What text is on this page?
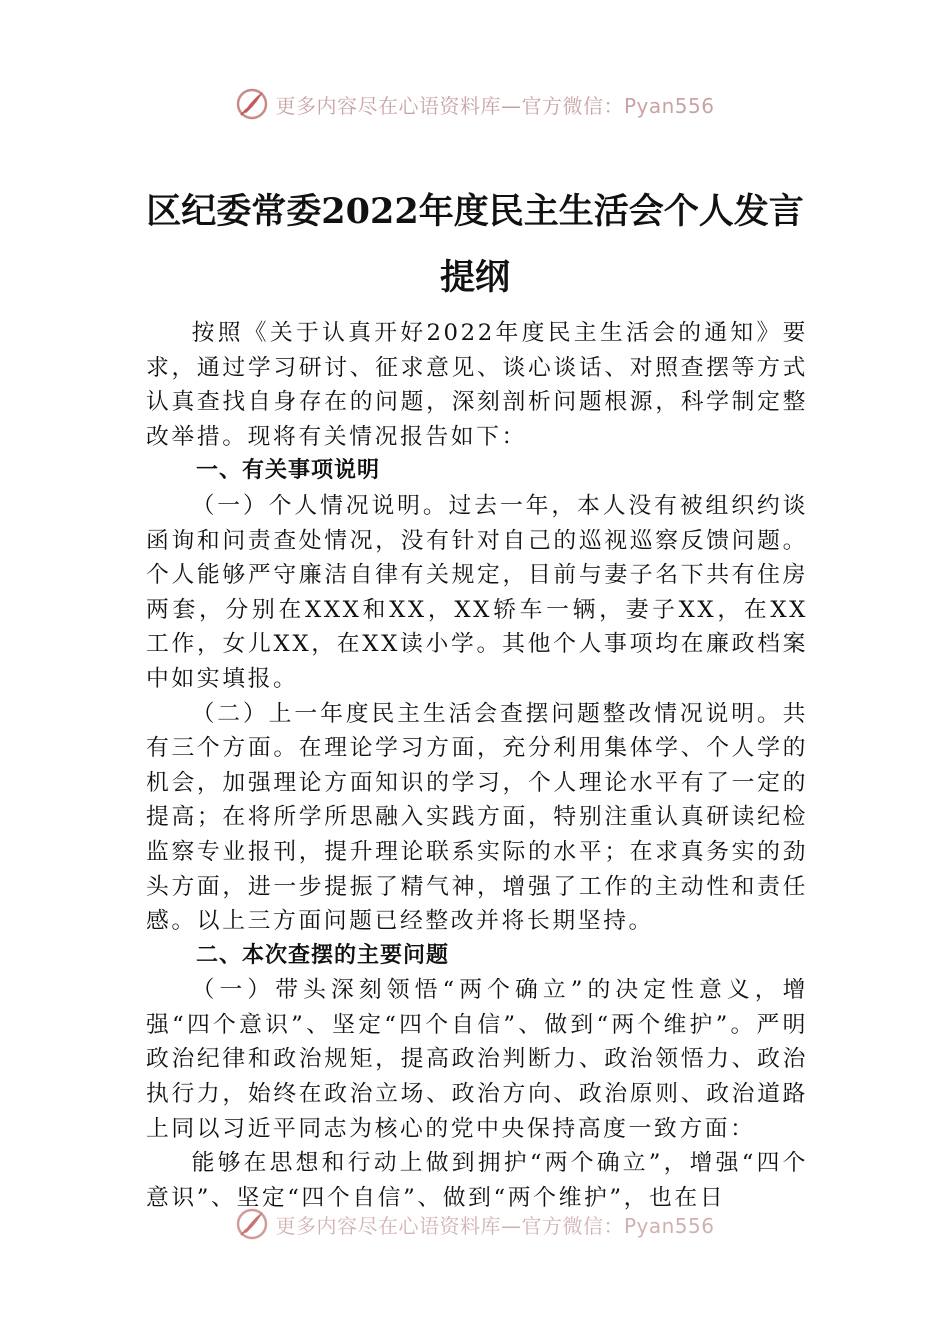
更多内容尽在心语资料库—官方微信：Pyan556
区纪委常委2022年度民主生活会个人发言
提纲

按照《关于认真开好2022年度民主生活会的通知》要求，通过学习研讨、征求意见、谈心谈话、对照查摆等方式认真查找自身存在的问题，深刻剖析问题根源，科学制定整改举措。现将有关情况报告如下：

一、有关事项说明

（一）个人情况说明。过去一年，本人没有被组织约谈函询和问责查处情况，没有针对自己的巡视巡察反馈问题。个人能够严守廉洁自律有关规定，目前与妻子名下共有住房两套，分别在XXX和XX，XX轿车一辆，妻子XX，在XX工作，女儿XX，在XX读小学。其他个人事项均在廉政档案中如实填报。

（二）上一年度民主生活会查摆问题整改情况说明。共有三个方面。在理论学习方面，充分利用集体学、个人学的机会，加强理论方面知识的学习，个人理论水平有了一定的提高；在将所学所思融入实践方面，特别注重认真研读纪检监察专业报刊，提升理论联系实际的水平；在求真务实的劲头方面，进一步提振了精气神，增强了工作的主动性和责任感。以上三方面问题已经整改并将长期坚持。

二、本次查摆的主要问题

（一）带头深刻领悟“两个确立”的决定性意义，增强“四个意识”、坚定“四个自信”、做到“两个维护”。严明政治纪律和政治规矩，提高政治判断力、政治领悟力、政治执行力，始终在政治立场、政治方向、政治原则、政治道路上同以习近平同志为核心的党中央保持高度一致方面：

能够在思想和行动上做到拥护“两个确立”，增强“四个意识”、坚定“四个自信”、做到“两个维护”，也在日

更多内容尽在心语资料库—官方微信：Pyan556
